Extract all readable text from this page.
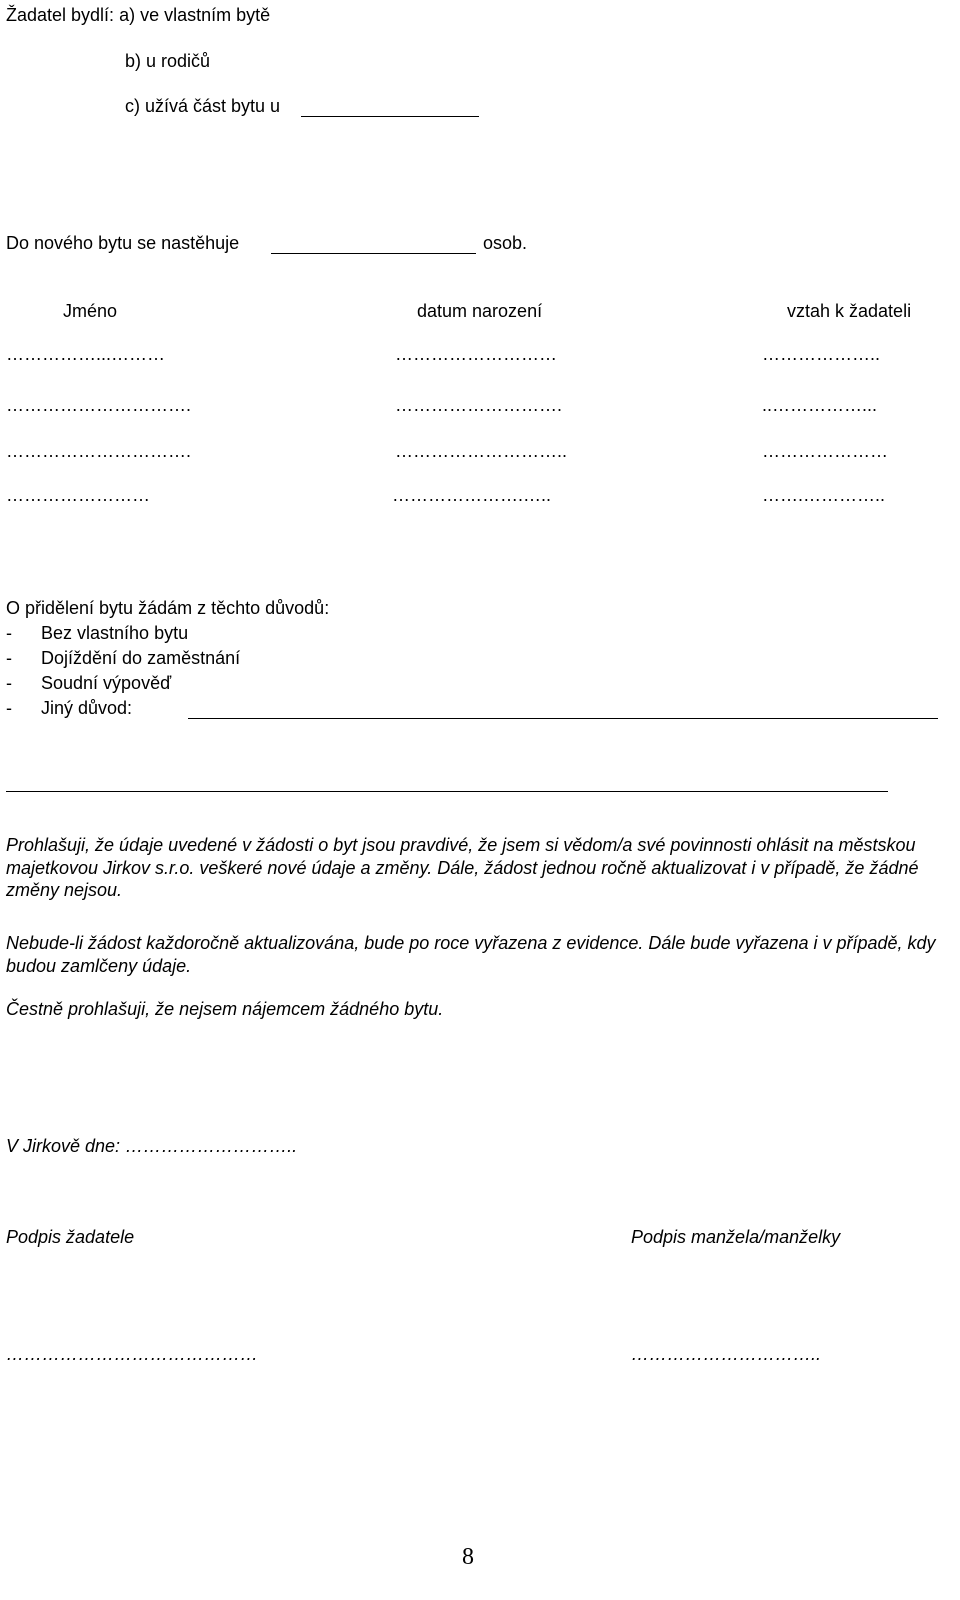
Žadatel bydlí: a) ve vlastním bytě
b) u rodičů
c) užívá část bytu u
Do nového bytu se nastěhuje	osob.
Jméno	datum narození	vztah k žadateli
……………...………	………………………	………………..
………………………….	……………………….	..……………...
………………………….	………………………..	…………………
……………………	………………….…..	…….…………..
O přidělení bytu žádám z těchto důvodů:
- Bez vlastního bytu
- Dojíždění do zaměstnání
- Soudní výpověď
- Jiný důvod:
Prohlašuji, že údaje uvedené v žádosti o byt jsou pravdivé, že jsem si vědom/a své povinnosti ohlásit na městskou majetkovou Jirkov s.r.o. veškeré nové údaje a změny. Dále, žádost jednou ročně aktualizovat i v případě, že žádné změny nejsou.
Nebude-li žádost každoročně aktualizována, bude po roce vyřazena z evidence. Dále bude vyřazena i v případě, kdy budou zamlčeny údaje.
Čestně prohlašuji, že nejsem nájemcem žádného bytu.
V Jirkově dne: ………………………..
Podpis žadatele	Podpis manžela/manželky
……………………………………	…………………………..
8
